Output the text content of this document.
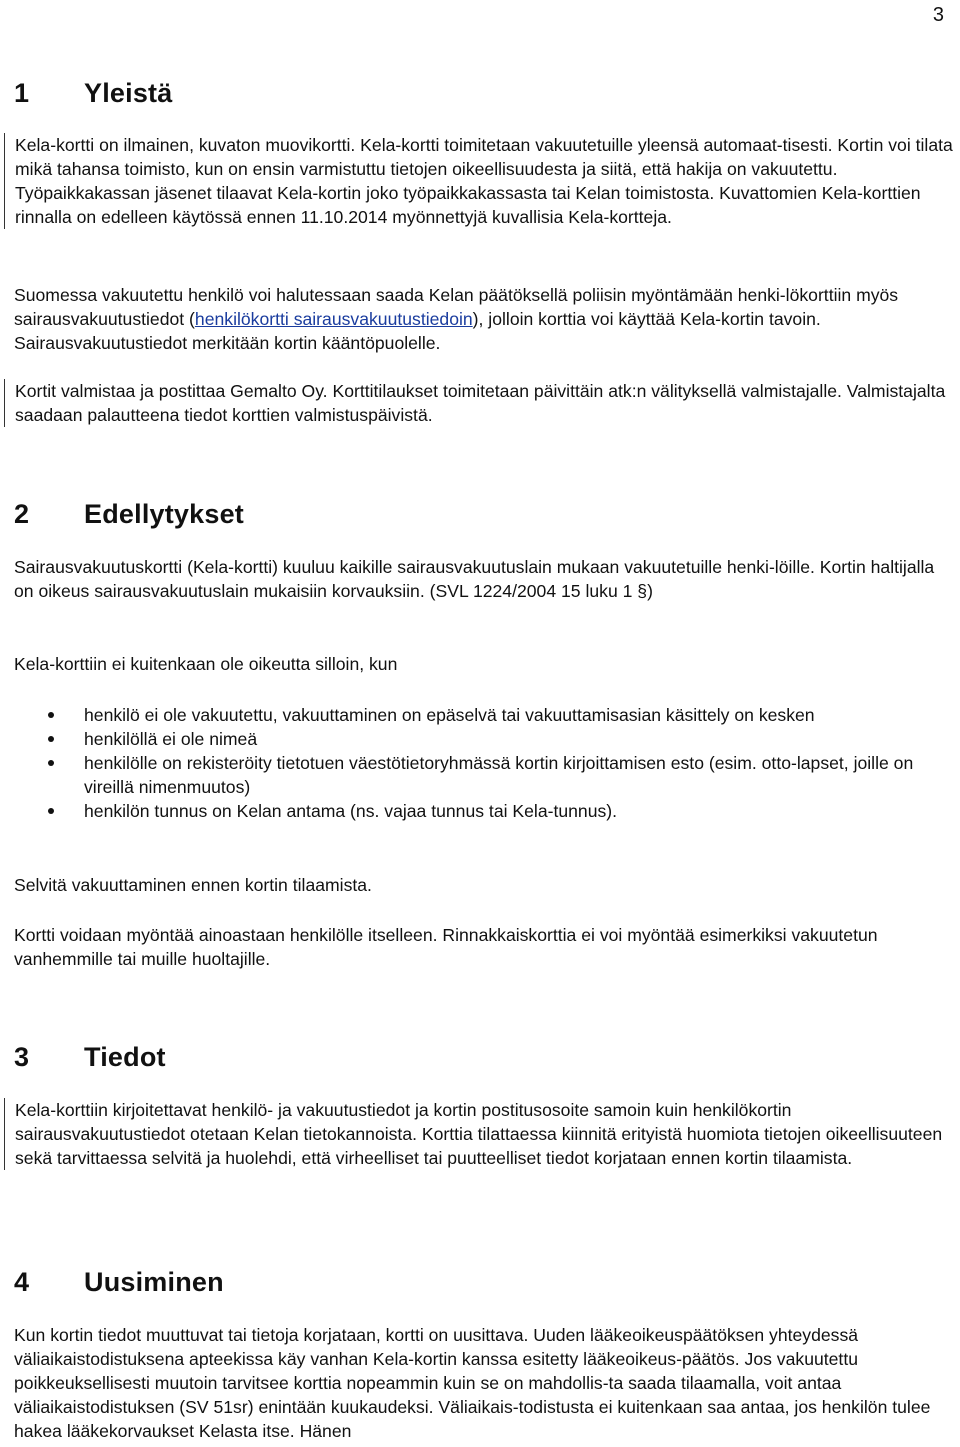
3
1	Yleistä

Kela-kortti on ilmainen, kuvaton muovikortti. Kela-kortti toimitetaan vakuutetuille yleensä automaat-tisesti. Kortin voi tilata mikä tahansa toimisto, kun on ensin varmistuttu tietojen oikeellisuudesta ja siitä, että hakija on vakuutettu. Työpaikkakassan jäsenet tilaavat Kela-kortin joko työpaikkakassasta tai Kelan toimistosta. Kuvattomien Kela-korttien rinnalla on edelleen käytössä ennen 11.10.2014 myönnettyjä kuvallisia Kela-kortteja.

Suomessa vakuutettu henkilö voi halutessaan saada Kelan päätöksellä poliisin myöntämään henki-lökorttiin myös sairausvakuutustiedot (henkilökortti sairausvakuutustiedoin), jolloin korttia voi käyttää Kela-kortin tavoin. Sairausvakuutustiedot merkitään kortin kääntöpuolelle.

Kortit valmistaa ja postittaa Gemalto Oy. Korttitilaukset toimitetaan päivittäin atk:n välityksellä valmistajalle. Valmistajalta saadaan palautteena tiedot korttien valmistuspäivistä.

2	Edellytykset

Sairausvakuutuskortti (Kela-kortti) kuuluu kaikille sairausvakuutuslain mukaan vakuutetuille henki-löille. Kortin haltijalla on oikeus sairausvakuutuslain mukaisiin korvauksiin. (SVL 1224/2004 15 luku 1 §)

Kela-korttiin ei kuitenkaan ole oikeutta silloin, kun

henkilö ei ole vakuutettu, vakuuttaminen on epäselvä tai vakuuttamisasian käsittely on kesken
henkilöllä ei ole nimeä
henkilölle on rekisteröity tietotuen väestötietoryhmässä kortin kirjoittamisen esto (esim. otto-lapset, joille on vireillä nimenmuutos)
henkilön tunnus on Kelan antama (ns. vajaa tunnus tai Kela-tunnus).

Selvitä vakuuttaminen ennen kortin tilaamista.

Kortti voidaan myöntää ainoastaan henkilölle itselleen. Rinnakkaiskorttia ei voi myöntää esimerkiksi vakuutetun vanhemmille tai muille huoltajille.

3	Tiedot

Kela-korttiin kirjoitettavat henkilö- ja vakuutustiedot ja kortin postitusosoite samoin kuin henkilökortin sairausvakuutustiedot otetaan Kelan tietokannoista. Korttia tilattaessa kiinnitä erityistä huomiota tietojen oikeellisuuteen sekä tarvittaessa selvitä ja huolehdi, että virheelliset tai puutteelliset tiedot korjataan ennen kortin tilaamista.

4	Uusiminen

Kun kortin tiedot muuttuvat tai tietoja korjataan, kortti on uusittava. Uuden lääkeoikeuspäätöksen yhteydessä väliaikaistodistuksena apteekissa käy vanhan Kela-kortin kanssa esitetty lääkeoikeus-päätös. Jos vakuutettu poikkeuksellisesti muutoin tarvitsee korttia nopeammin kuin se on mahdollis-ta saada tilaamalla, voit antaa väliaikaistodistuksen (SV 51sr) enintään kuukaudeksi. Väliaikais-todistusta ei kuitenkaan saa antaa, jos henkilön tulee hakea lääkekorvaukset Kelasta itse. Hänen
